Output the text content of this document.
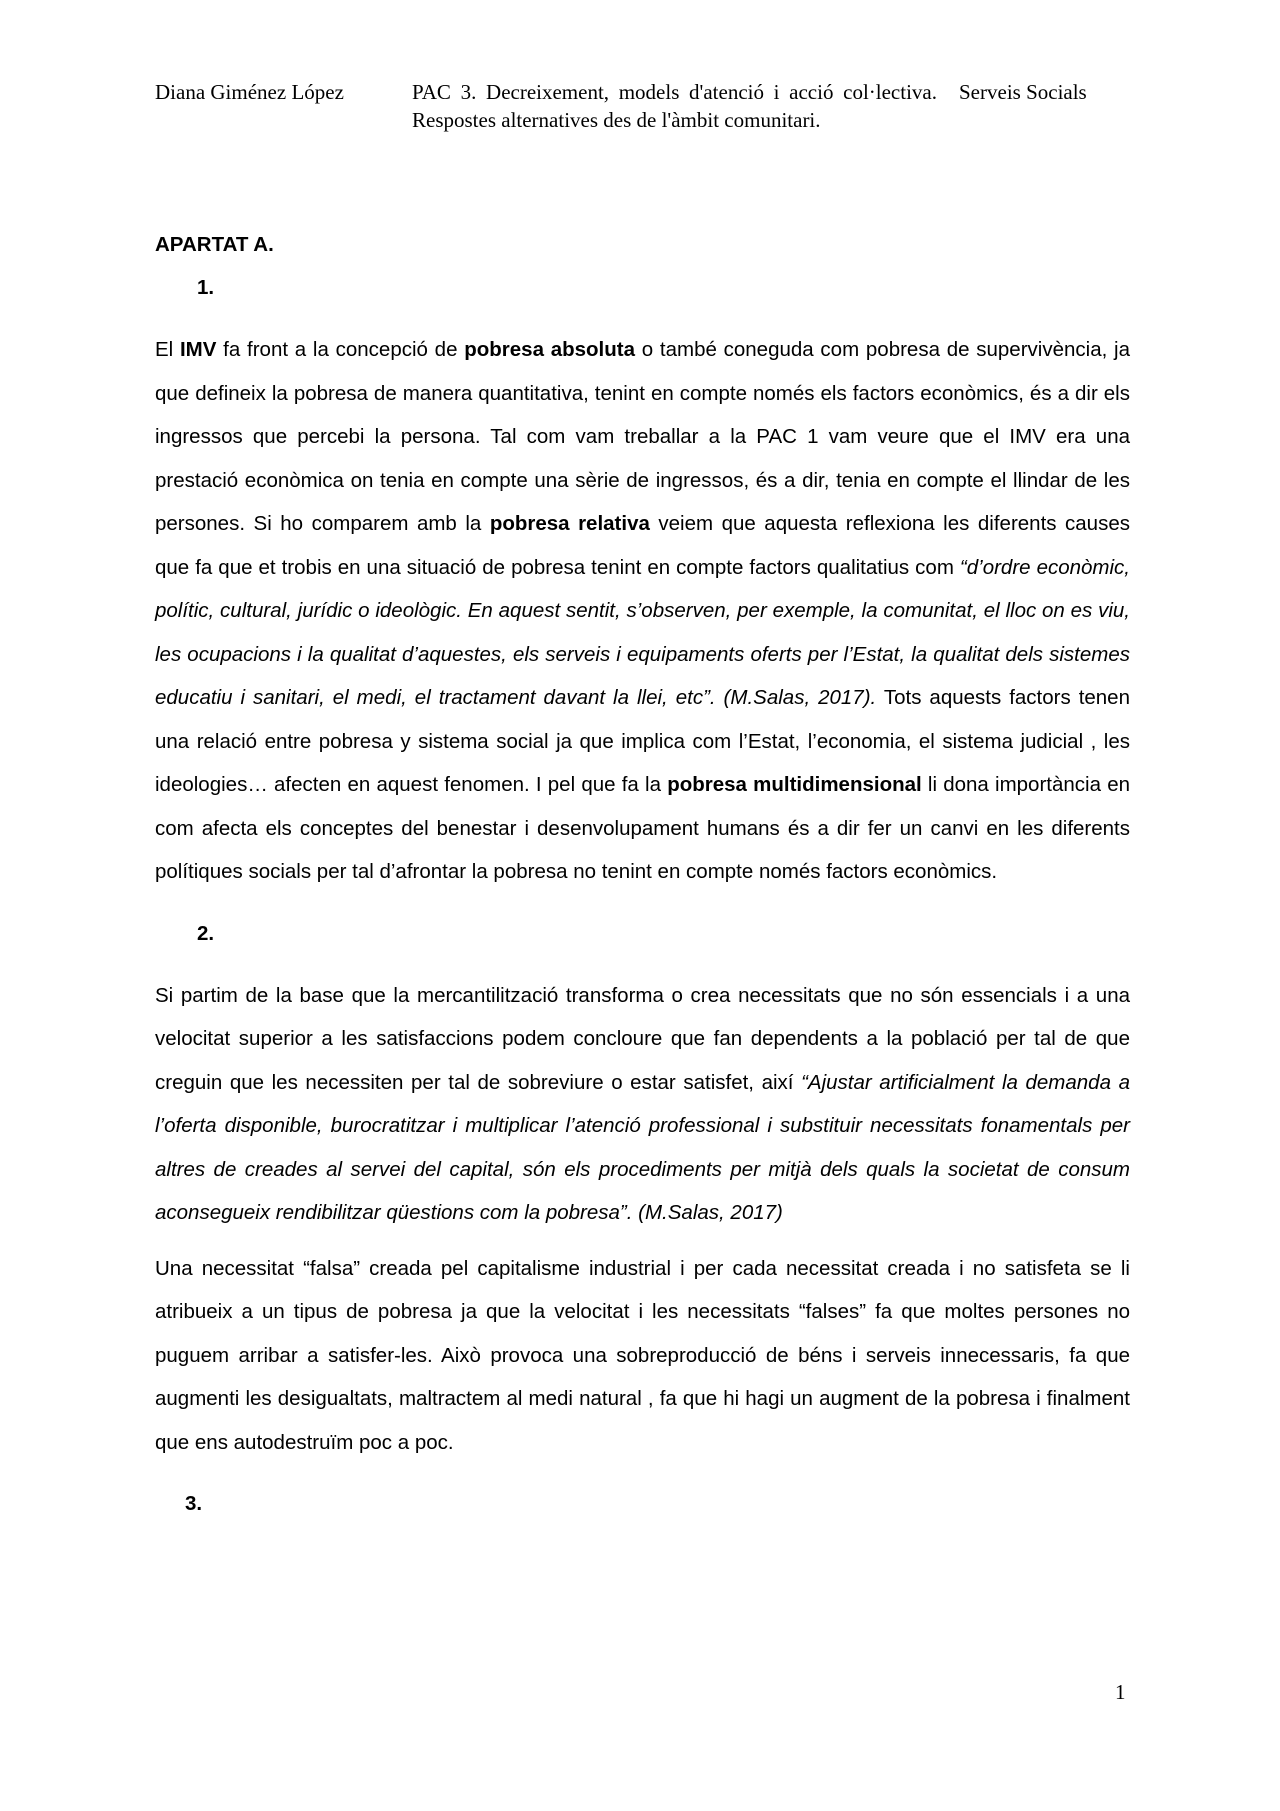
Diana Giménez López	PAC 3. Decreixement, models d'atenció i acció col·lectiva. Respostes alternatives des de l'àmbit comunitari.
Serveis Socials
APARTAT A.
1.

El IMV fa front a la concepció de pobresa absoluta o també coneguda com pobresa de supervivència, ja que defineix la pobresa de manera quantitativa, tenint en compte només els factors econòmics, és a dir els ingressos que percebi la persona. Tal com vam treballar a la PAC 1 vam veure que el IMV era una prestació econòmica on tenia en compte una sèrie de ingressos, és a dir, tenia en compte el llindar de les persones. Si ho comparem amb la pobresa relativa veiem que aquesta reflexiona les diferents causes que fa que et trobis en una situació de pobresa tenint en compte factors qualitatius com “d’ordre econòmic, polític, cultural, jurídic o ideològic. En aquest sentit, s’observen, per exemple, la comunitat, el lloc on es viu, les ocupacions i la qualitat d’aquestes, els serveis i equipaments oferts per l’Estat, la qualitat dels sistemes educatiu i sanitari, el medi, el tractament davant la llei, etc”. (M.Salas, 2017). Tots aquests factors tenen una relació entre pobresa y sistema social ja que implica com l’Estat, l’economia, el sistema judicial , les ideologies… afecten en aquest fenomen. I pel que fa la pobresa multidimensional li dona importància en com afecta els conceptes del benestar i desenvolupament humans és a dir fer un canvi en les diferents polítiques socials per tal d’afrontar la pobresa no tenint en compte només factors econòmics.

2.

Si partim de la base que la mercantilització transforma o crea necessitats que no són essencials i a una velocitat superior a les satisfaccions podem concloure que fan dependents a la població per tal de que creguin que les necessiten per tal de sobreviure o estar satisfet, així “Ajustar artificialment la demanda a l’oferta disponible, burocratitzar i multiplicar l’atenció professional i substituir necessitats fonamentals per altres de creades al servei del capital, són els procediments per mitjà dels quals la societat de consum aconsegueix rendibilitzar qüestions com la pobresa”. (M.Salas, 2017)

Una necessitat “falsa” creada pel capitalisme industrial i per cada necessitat creada i no satisfeta se li atribueix a un tipus de pobresa ja que la velocitat i les necessitats “falses” fa que moltes persones no puguem arribar a satisfer-les. Això provoca una sobreproducció de béns i serveis innecessaris, fa que augmenti les desigualtats, maltractem al medi natural , fa que hi hagi un augment de la pobresa i finalment que ens autodestruïm poc a poc.

3.
1
